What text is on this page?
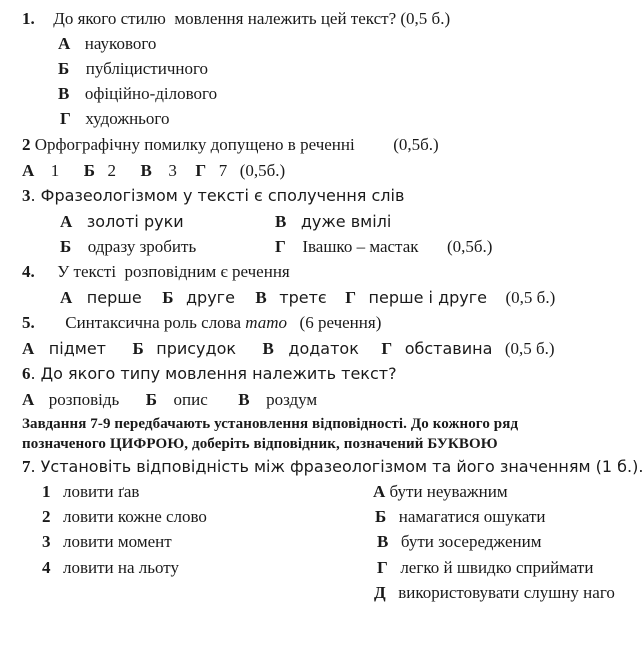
1. До якого стилю  мовлення належить цей текст? (0,5 б.)
А наукового
Б публіцистичного
В офіційно-ділового
Г художнього
2 Орфографічну помилку допущено в реченні (0,5б.)
А 1 Б 2 В 3 Г 7 (0,5б.)
3. Фразеологізмом у тексті є сполучення слів
А золоті руки	В дуже вмілі
Б одразу зробить	Г Івашко – мастак (0,5б.)
4. У тексті  розповідним є речення
А перше Б друге В третє Г перше і друге (0,5 б.)
5. Синтаксична роль слова тато (6 речення)
А підмет Б присудок В додаток Г обставина (0,5 б.)
6. До якого типу мовлення належить текст?
А розповідь Б опис В роздум
Завдання 7-9 передбачають установлення відповідності. До кожного ряд
позначеного ЦИФРОЮ, доберіть відповідник, позначений БУКВОЮ
7. Установіть відповідність між фразеологізмом та його значенням (1 б.).
1 ловити ґав
2 ловити кожне слово
3 ловити момент
4 ловити на льоту
А бути неуважним
Б намагатися ошукати
В бути зосередженим
Г легко й швидко сприймати
Д використовувати слушну наго
